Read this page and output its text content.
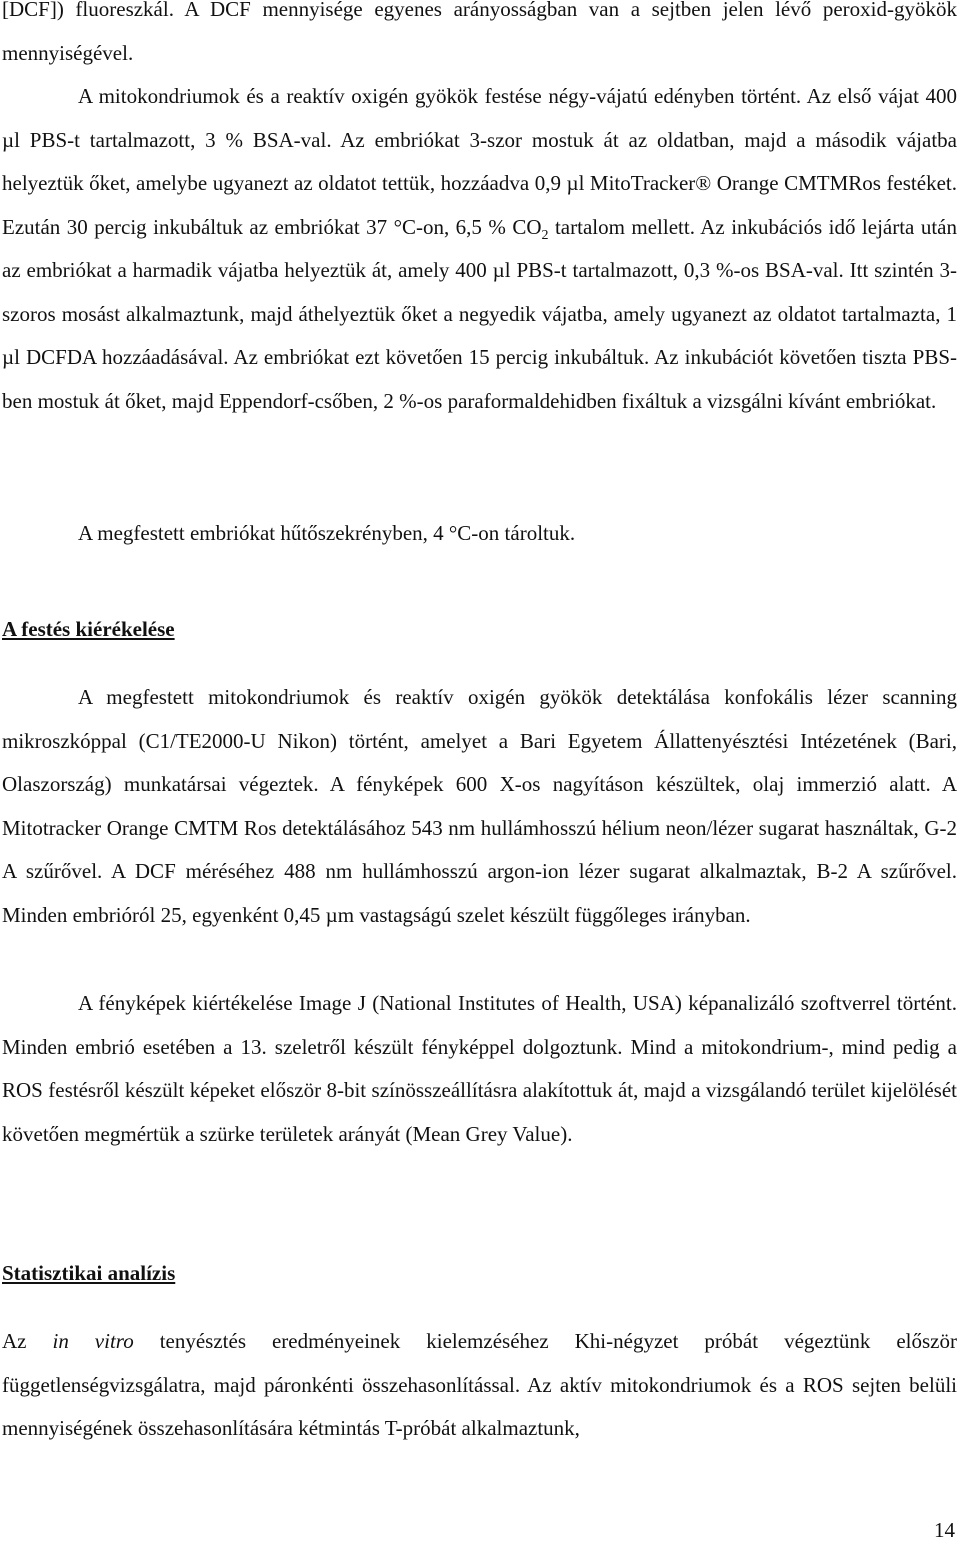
[DCF]) fluoreszkál. A DCF mennyisége egyenes arányosságban van a sejtben jelen lévő peroxid-gyökök mennyiségével.

A mitokondriumok és a reaktív oxigén gyökök festése négy-vájatú edényben történt. Az első vájat 400 µl PBS-t tartalmazott, 3 % BSA-val. Az embriókat 3-szor mostuk át az oldatban, majd a második vájatba helyeztük őket, amelybe ugyanezt az oldatot tettük, hozzáadva 0,9 µl MitoTracker® Orange CMTMRos festéket. Ezután 30 percig inkubáltuk az embriókat 37 °C-on, 6,5 % $CO_2$ tartalom mellett. Az inkubációs idő lejárta után az embriókat a harmadik vájatba helyeztük át, amely 400 µl PBS-t tartalmazott, 0,3 %-os BSA-val. Itt szintén 3-szoros mosást alkalmaztunk, majd áthelyeztük őket a negyedik vájatba, amely ugyanezt az oldatot tartalmazta, 1 µl DCFDA hozzáadásával. Az embriókat ezt követően 15 percig inkubáltuk. Az inkubációt követően tiszta PBS-ben mostuk át őket, majd Eppendorf-csőben, 2 %-os paraformaldehidben fixáltuk a vizsgálni kívánt embriókat.

A megfestett embriókat hűtőszekrényben, 4 °C-on tároltuk.

A festés kiérékelése

A megfestett mitokondriumok és reaktív oxigén gyökök detektálása konfokális lézer scanning mikroszkóppal (C1/TE2000-U Nikon) történt, amelyet a Bari Egyetem Állattenyésztési Intézetének (Bari, Olaszország) munkatársai végeztek. A fényképek 600 X-os nagyításon készültek, olaj immerzió alatt. A Mitotracker Orange CMTM Ros detektálásához 543 nm hullámhosszú hélium neon/lézer sugarat használtak, G-2 A szűrővel. A DCF méréséhez 488 nm hullámhosszú argon-ion lézer sugarat alkalmaztak, B-2 A szűrővel. Minden embrióról 25, egyenként 0,45 µm vastagságú szelet készült függőleges irányban.

A fényképek kiértékelése Image J (National Institutes of Health, USA) képanalizáló szoftverrel történt. Minden embrió esetében a 13. szeletről készült fényképpel dolgoztunk. Mind a mitokondrium-, mind pedig a ROS festésről készült képeket először 8-bit színösszeállításra alakítottuk át, majd a vizsgálandó terület kijelölését követően megmértük a szürke területek arányát (Mean Grey Value).

Statisztikai analízis

Az in vitro tenyésztés eredményeinek kielemzéséhez Khi-négyzet próbát végeztünk először függetlenségvizsgálatra, majd páronkénti összehasonlítással. Az aktív mitokondriumok és a ROS sejten belüli mennyiségének összehasonlítására kétmintás T-próbát alkalmaztunk,

14
